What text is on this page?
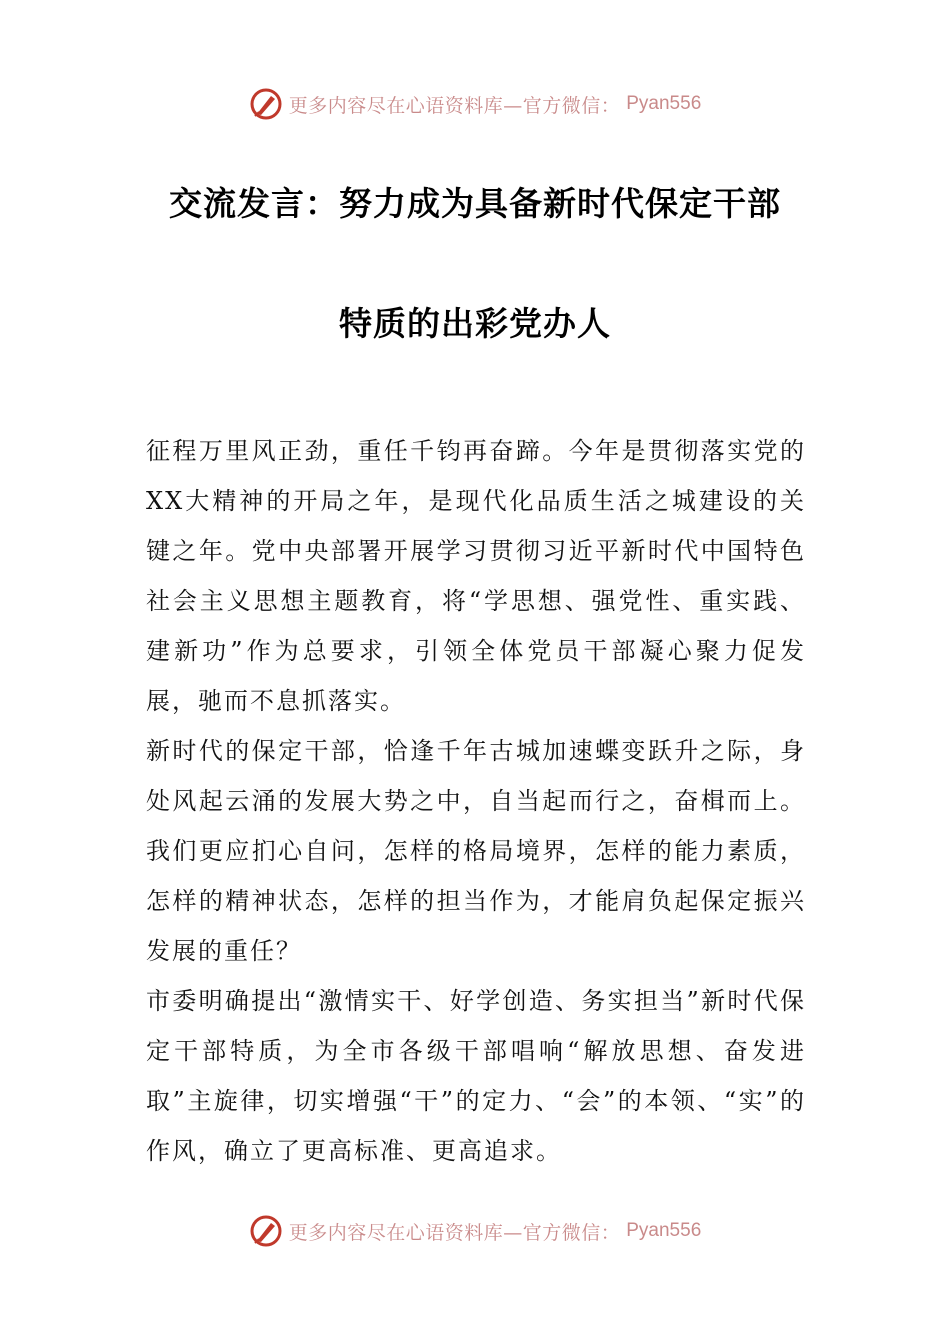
更多内容尽在心语资料库—官方微信： Pyan556
交流发言：努力成为具备新时代保定干部
特质的出彩党办人

征程万里风正劲，重任千钧再奋蹄。今年是贯彻落实党的XX大精神的开局之年，是现代化品质生活之城建设的关键之年。党中央部署开展学习贯彻习近平新时代中国特色社会主义思想主题教育，将“学思想、强党性、重实践、建新功”作为总要求，引领全体党员干部凝心聚力促发展，驰而不息抓落实。

新时代的保定干部，恰逢千年古城加速蝶变跃升之际，身处风起云涌的发展大势之中，自当起而行之，奋楫而上。我们更应扪心自问，怎样的格局境界，怎样的能力素质，怎样的精神状态，怎样的担当作为，才能肩负起保定振兴发展的重任？

市委明确提出“激情实干、好学创造、务实担当”新时代保定干部特质，为全市各级干部唱响“解放思想、奋发进取”主旋律，切实增强“干”的定力、“会”的本领、“实”的作风，确立了更高标准、更高追求。

更多内容尽在心语资料库—官方微信： Pyan556
